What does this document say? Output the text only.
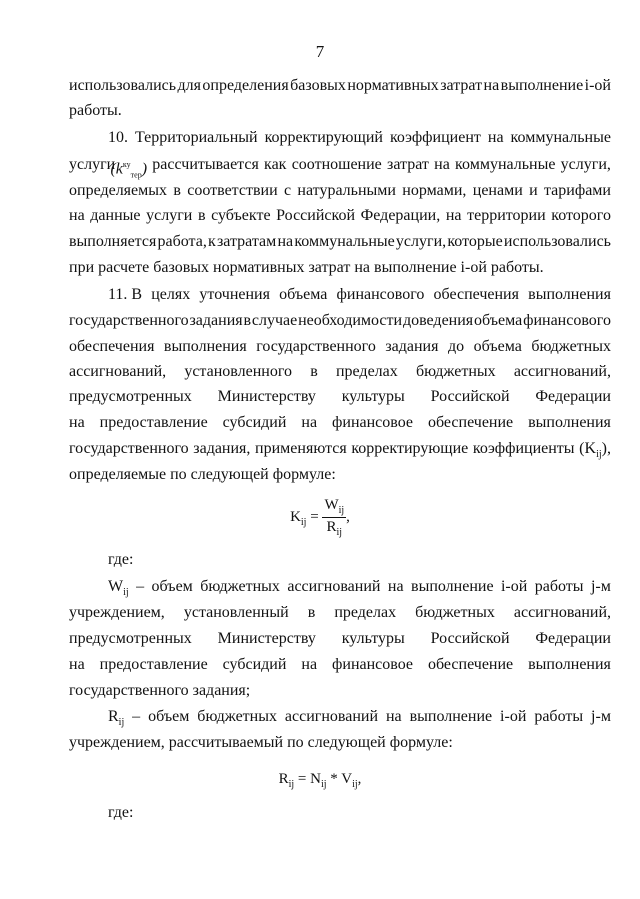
7
использовались для определения базовых нормативных затрат на выполнение i-ой
работы.
10. Территориальный корректирующий коэффициент на коммунальные
услуги
$(k^{ку}_{тер})$ рассчитывается как соотношение затрат на коммунальные услуги,
определяемых в соответствии с натуральными нормами, ценами и тарифами
на данные услуги в субъекте Российской Федерации, на территории которого
выполняется работа, к затратам на коммунальные услуги, которые использовались
при расчете базовых нормативных затрат на выполнение i-ой работы.
11. В целях уточнения объема финансового обеспечения выполнения
государственного задания в случае необходимости доведения объема финансового
обеспечения выполнения государственного задания до объема бюджетных
ассигнований, установленного в пределах бюджетных ассигнований,
предусмотренных Министерству культуры Российской Федерации
на предоставление субсидий на финансовое обеспечение выполнения
государственного задания, применяются корректирующие коэффициенты $(K_{ij})$,
определяемые по следующей формуле:
$K_{ij} = \frac{W_{ij}}{R_{ij}}$ ,
где:
$W_{ij}$ – объем бюджетных ассигнований на выполнение i-ой работы j-м
учреждением, установленный в пределах бюджетных ассигнований,
предусмотренных Министерству культуры Российской Федерации
на предоставление субсидий на финансовое обеспечение выполнения
государственного задания;
$R_{ij}$ – объем бюджетных ассигнований на выполнение i-ой работы j-м
учреждением, рассчитываемый по следующей формуле:
$R_{ij} = N_{ij} * V_{ij}$,
где:
